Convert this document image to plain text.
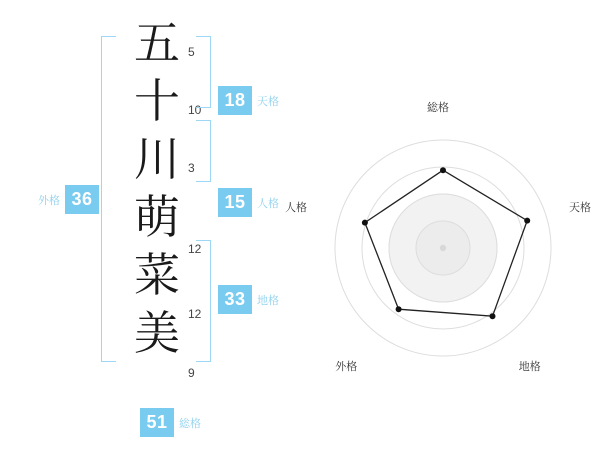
五
十
川
萌
菜
美
5
10
3
12
12
9
18	天格
15	人格
33	地格
外格 36
51	総格
総格
天格
地格
外格
人格
